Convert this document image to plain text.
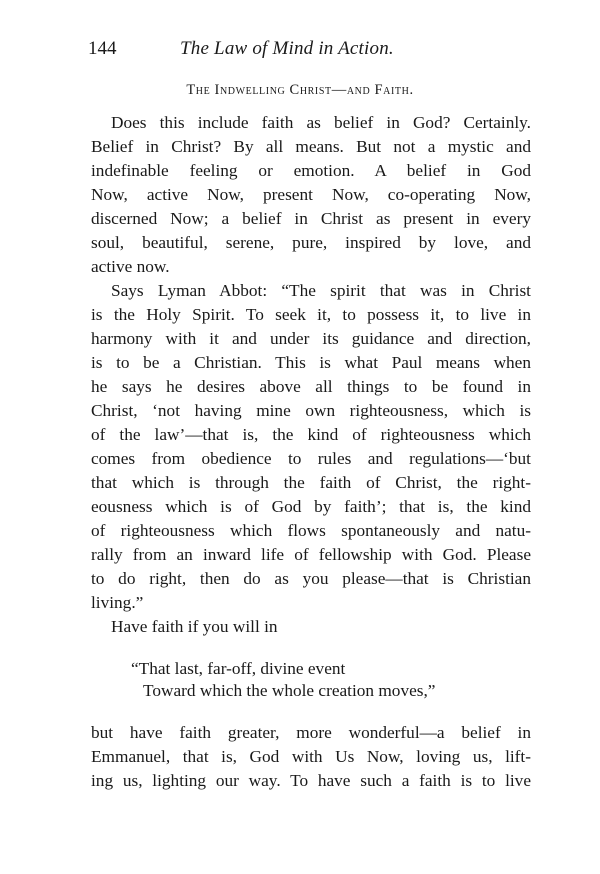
144	The Law of Mind in Action.
The Indwelling Christ—and Faith.
Does this include faith as belief in God? Certainly.
Belief in Christ? By all means. But not a mystic and
indefinable feeling or emotion. A belief in God
Now, active Now, present Now, co-operating Now,
discerned Now; a belief in Christ as present in every
soul, beautiful, serene, pure, inspired by love, and
active now.
Says Lyman Abbot: “The spirit that was in Christ
is the Holy Spirit. To seek it, to possess it, to live in
harmony with it and under its guidance and direction,
is to be a Christian. This is what Paul means when
he says he desires above all things to be found in
Christ, ‘not having mine own righteousness, which is
of the law’—that is, the kind of righteousness which
comes from obedience to rules and regulations—‘but
that which is through the faith of Christ, the right-
eousness which is of God by faith’; that is, the kind
of righteousness which flows spontaneously and natu-
rally from an inward life of fellowship with God. Please
to do right, then do as you please—that is Christian
living.”
Have faith if you will in
“That last, far-off, divine event
Toward which the whole creation moves,”
but have faith greater, more wonderful—a belief in
Emmanuel, that is, God with Us Now, loving us, lift-
ing us, lighting our way. To have such a faith is to live
